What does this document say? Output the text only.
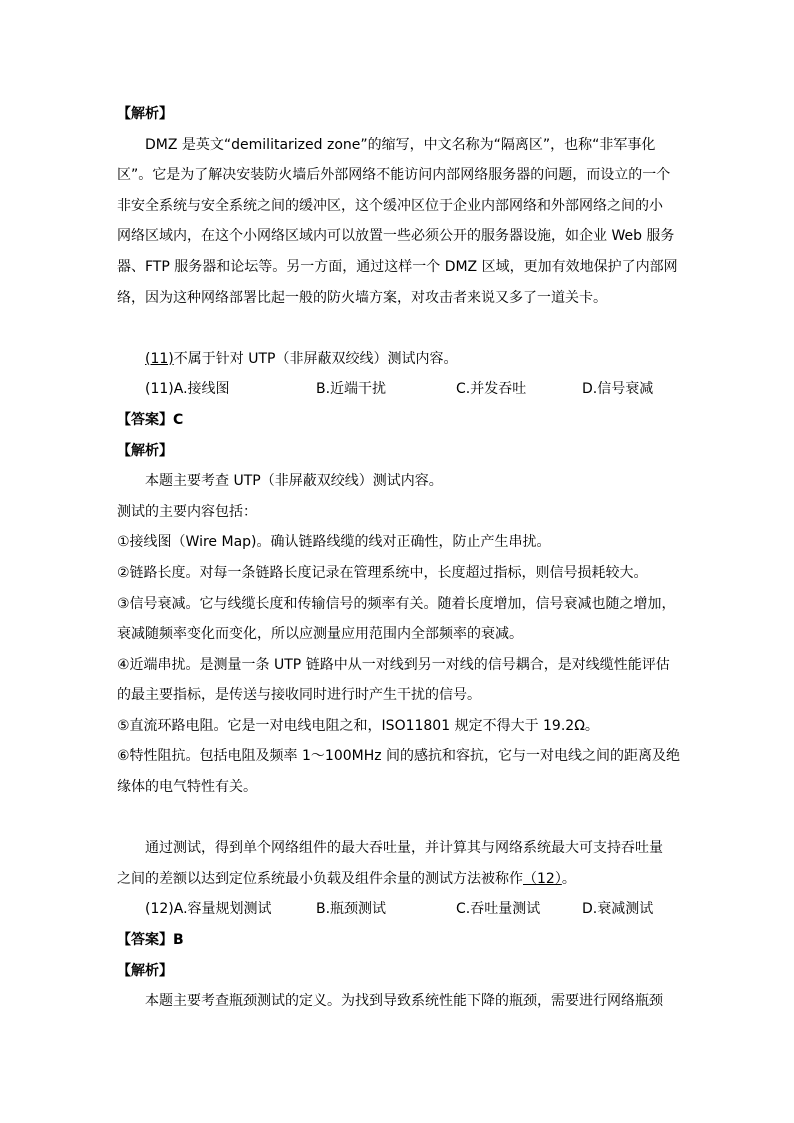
【解析】
DMZ 是英文“demilitarized zone”的缩写，中文名称为“隔离区”，也称“非军事化
区”。它是为了解决安装防火墙后外部网络不能访问内部网络服务器的问题，而设立的一个
非安全系统与安全系统之间的缓冲区，这个缓冲区位于企业内部网络和外部网络之间的小
网络区域内，在这个小网络区域内可以放置一些必须公开的服务器设施，如企业 Web 服务
器、FTP 服务器和论坛等。另一方面，通过这样一个 DMZ 区域，更加有效地保护了内部网
络，因为这种网络部署比起一般的防火墙方案，对攻击者来说又多了一道关卡。
(11)不属于针对 UTP（非屏蔽双绞线）测试内容。
(11)A.接线图	B.近端干扰	C.并发吞吐	D.信号衰减
【答案】C
【解析】
本题主要考查 UTP（非屏蔽双绞线）测试内容。
测试的主要内容包括：
①接线图（Wire Map)。确认链路线缆的线对正确性，防止产生串扰。
②链路长度。对每一条链路长度记录在管理系统中，长度超过指标，则信号损耗较大。
③信号衰减。它与线缆长度和传输信号的频率有关。随着长度增加，信号衰减也随之增加，
衰减随频率变化而变化，所以应测量应用范围内全部频率的衰减。
④近端串扰。是测量一条 UTP 链路中从一对线到另一对线的信号耦合，是对线缆性能评估
的最主要指标，是传送与接收同时进行时产生干扰的信号。
⑤直流环路电阻。它是一对电线电阻之和，ISO11801 规定不得大于 19.2Ω。
⑥特性阻抗。包括电阻及频率 1～100MHz 间的感抗和容抗，它与一对电线之间的距离及绝
缘体的电气特性有关。
通过测试，得到单个网络组件的最大吞吐量，并计算其与网络系统最大可支持吞吐量
之间的差额以达到定位系统最小负载及组件余量的测试方法被称作（12）。
(12)A.容量规划测试	B.瓶颈测试	C.吞吐量测试	D.衰减测试
【答案】B
【解析】
本题主要考查瓶颈测试的定义。为找到导致系统性能下降的瓶颈，需要进行网络瓶颈
